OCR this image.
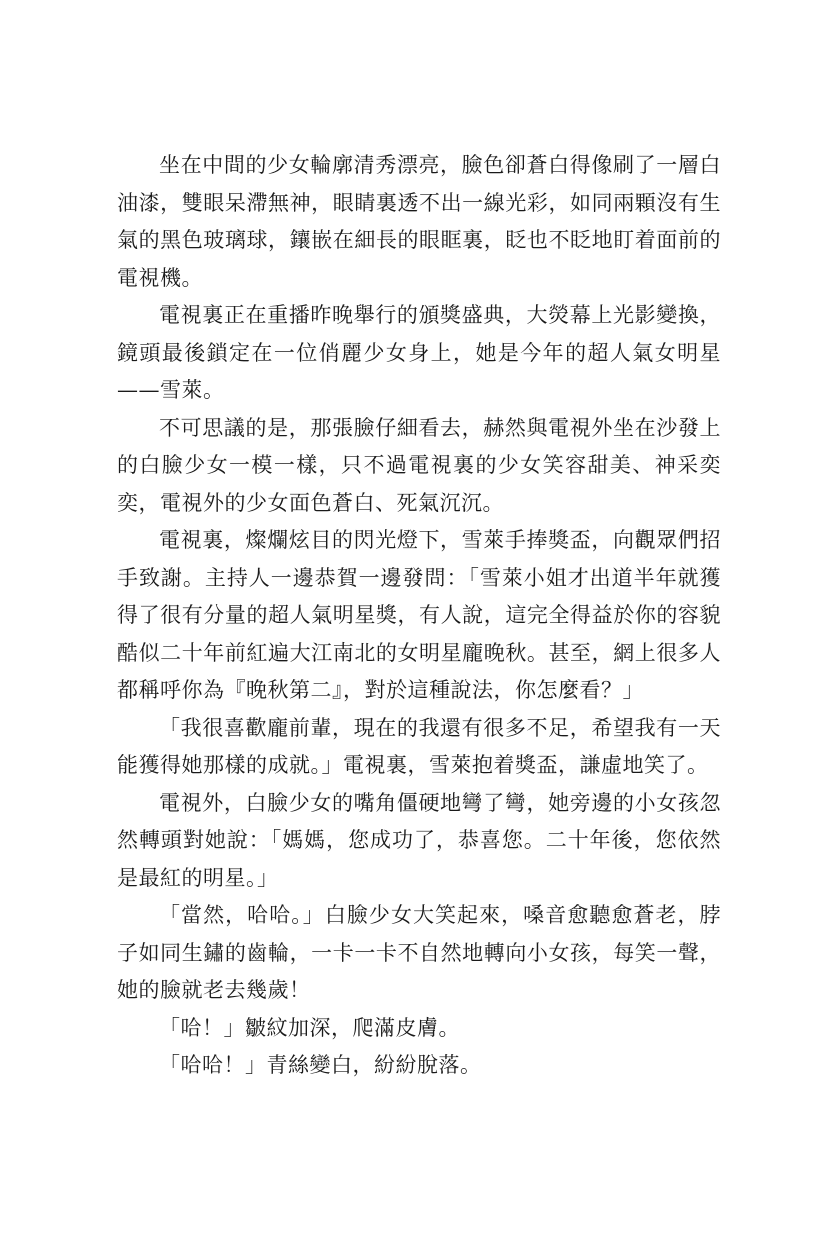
坐在中間的少女輪廓清秀漂亮，臉色卻蒼白得像刷了一層白油漆，雙眼呆滯無神，眼睛裏透不出一線光彩，如同兩顆沒有生氣的黑色玻璃球，鑲嵌在細長的眼眶裏，眨也不眨地盯着面前的電視機。

電視裏正在重播昨晚舉行的頒獎盛典，大熒幕上光影變換，鏡頭最後鎖定在一位俏麗少女身上，她是今年的超人氣女明星——雪萊。

不可思議的是，那張臉仔細看去，赫然與電視外坐在沙發上的白臉少女一模一樣，只不過電視裏的少女笑容甜美、神采奕奕，電視外的少女面色蒼白、死氣沉沉。

電視裏，燦爛炫目的閃光燈下，雪萊手捧獎盃，向觀眾們招手致謝。主持人一邊恭賀一邊發問：「雪萊小姐才出道半年就獲得了很有分量的超人氣明星獎，有人說，這完全得益於你的容貌酷似二十年前紅遍大江南北的女明星龐晚秋。甚至，網上很多人都稱呼你為『晚秋第二』，對於這種說法，你怎麼看？」

「我很喜歡龐前輩，現在的我還有很多不足，希望我有一天能獲得她那樣的成就。」電視裏，雪萊抱着獎盃，謙虛地笑了。

電視外，白臉少女的嘴角僵硬地彎了彎，她旁邊的小女孩忽然轉頭對她說：「媽媽，您成功了，恭喜您。二十年後，您依然是最紅的明星。」

「當然，哈哈。」白臉少女大笑起來，嗓音愈聽愈蒼老，脖子如同生鏽的齒輪，一卡一卡不自然地轉向小女孩，每笑一聲，她的臉就老去幾歲！

「哈！」皺紋加深，爬滿皮膚。

「哈哈！」青絲變白，紛紛脫落。
